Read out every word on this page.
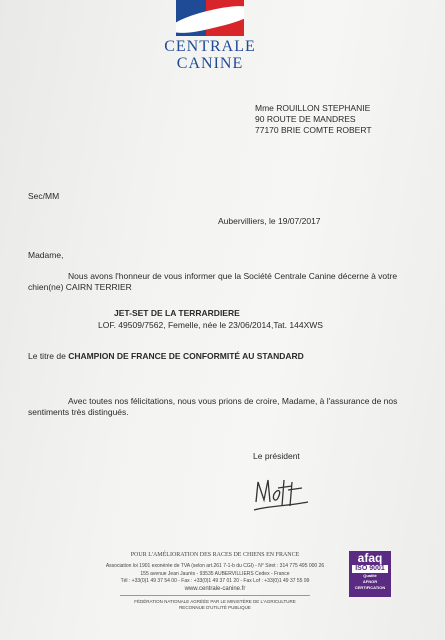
CENTRALE
CANINE
Mme ROUILLON STEPHANIE
90 ROUTE DE MANDRES
77170 BRIE COMTE ROBERT
Sec/MM
Aubervilliers, le 19/07/2017
Madame,
Nous avons l'honneur de vous informer que la Société Centrale Canine décerne à votre
chien(ne) CAIRN TERRIER
JET-SET DE LA TERRARDIERE
LOF. 49509/7562, Femelle, née le 23/06/2014,Tat. 144XWS
Le titre de CHAMPION DE FRANCE DE CONFORMITÉ AU STANDARD
Avec toutes nos félicitations, nous vous prions de croire, Madame, à l'assurance de nos
sentiments très distingués.
Le président
POUR L'AMÉLIORATION DES RACES DE CHIENS EN FRANCE
Association loi 1901 exonérée de TVA (selon art.261 7-1-b du CGI) - N° Siret : 314 775 495 000 26
155 avenue Jean Jaurès - 93535 AUBERVILLIERS Cedex - France
Tél : +33(0)1 49 37 54 00 - Fax : +33(0)1 49 37 01 20 - Fax Lof : +33(0)1 49 37 55 99
www.centrale-canine.fr
FÉDÉRATION NATIONALE AGRÉÉE PAR LE MINISTÈRE DE L'AGRICULTURE
RECONNUE D'UTILITÉ PUBLIQUE
afaq
ISO 9001
Qualité
AFNOR CERTIFICATION
